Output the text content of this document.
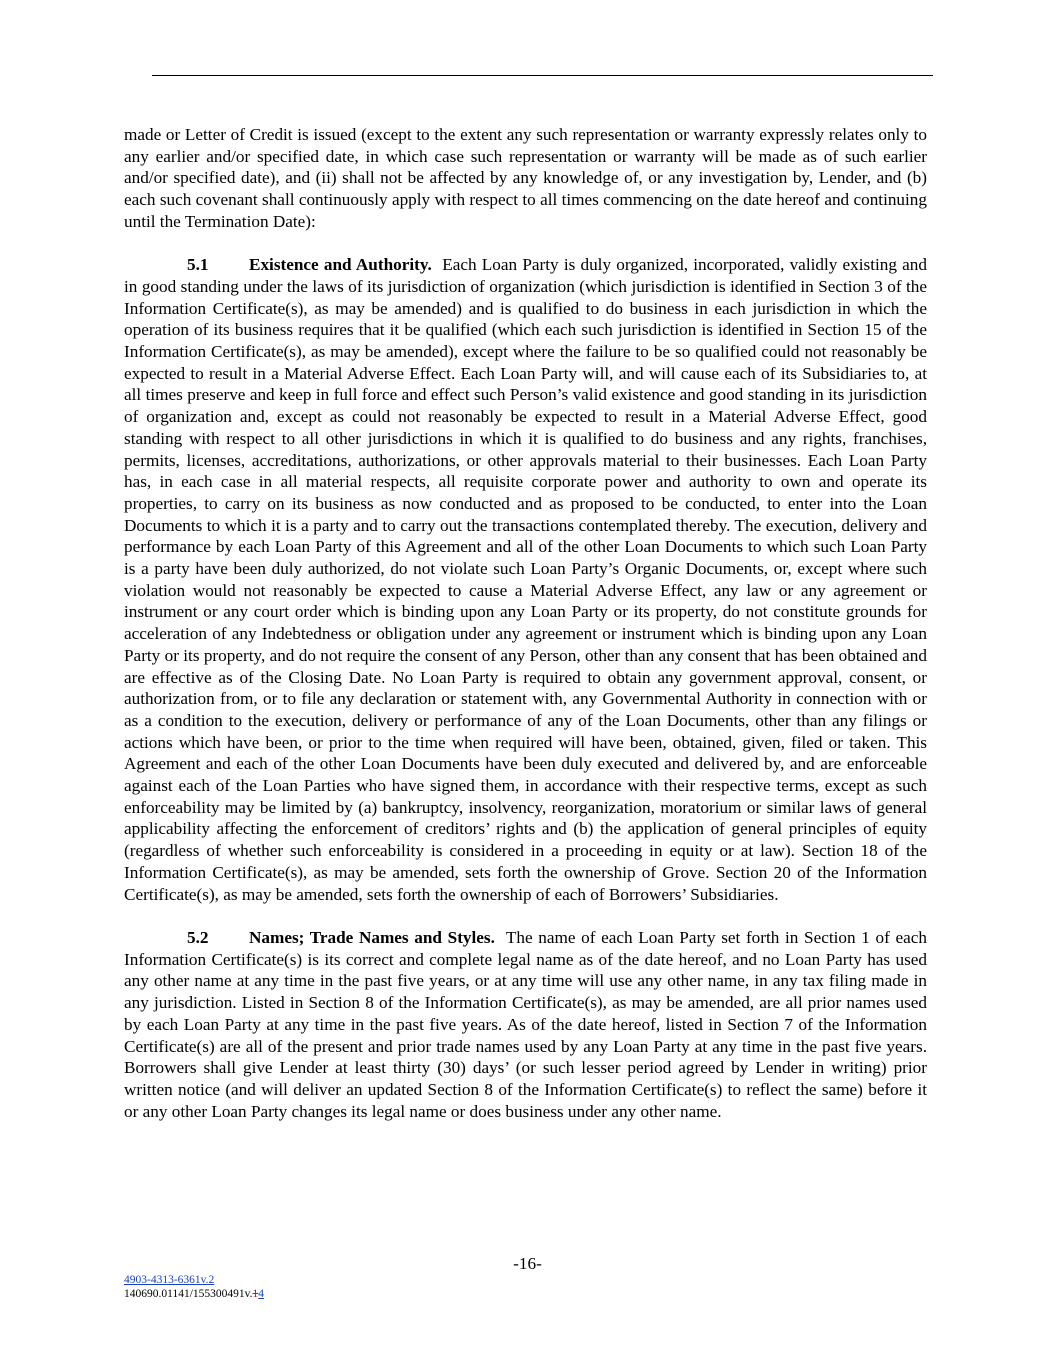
made or Letter of Credit is issued (except to the extent any such representation or warranty expressly relates only to any earlier and/or specified date, in which case such representation or warranty will be made as of such earlier and/or specified date), and (ii) shall not be affected by any knowledge of, or any investigation by, Lender, and (b) each such covenant shall continuously apply with respect to all times commencing on the date hereof and continuing until the Termination Date):

5.1 Existence and Authority. Each Loan Party is duly organized, incorporated, validly existing and in good standing under the laws of its jurisdiction of organization (which jurisdiction is identified in Section 3 of the Information Certificate(s), as may be amended) and is qualified to do business in each jurisdiction in which the operation of its business requires that it be qualified (which each such jurisdiction is identified in Section 15 of the Information Certificate(s), as may be amended), except where the failure to be so qualified could not reasonably be expected to result in a Material Adverse Effect. Each Loan Party will, and will cause each of its Subsidiaries to, at all times preserve and keep in full force and effect such Person’s valid existence and good standing in its jurisdiction of organization and, except as could not reasonably be expected to result in a Material Adverse Effect, good standing with respect to all other jurisdictions in which it is qualified to do business and any rights, franchises, permits, licenses, accreditations, authorizations, or other approvals material to their businesses. Each Loan Party has, in each case in all material respects, all requisite corporate power and authority to own and operate its properties, to carry on its business as now conducted and as proposed to be conducted, to enter into the Loan Documents to which it is a party and to carry out the transactions contemplated thereby. The execution, delivery and performance by each Loan Party of this Agreement and all of the other Loan Documents to which such Loan Party is a party have been duly authorized, do not violate such Loan Party’s Organic Documents, or, except where such violation would not reasonably be expected to cause a Material Adverse Effect, any law or any agreement or instrument or any court order which is binding upon any Loan Party or its property, do not constitute grounds for acceleration of any Indebtedness or obligation under any agreement or instrument which is binding upon any Loan Party or its property, and do not require the consent of any Person, other than any consent that has been obtained and are effective as of the Closing Date. No Loan Party is required to obtain any government approval, consent, or authorization from, or to file any declaration or statement with, any Governmental Authority in connection with or as a condition to the execution, delivery or performance of any of the Loan Documents, other than any filings or actions which have been, or prior to the time when required will have been, obtained, given, filed or taken. This Agreement and each of the other Loan Documents have been duly executed and delivered by, and are enforceable against each of the Loan Parties who have signed them, in accordance with their respective terms, except as such enforceability may be limited by (a) bankruptcy, insolvency, reorganization, moratorium or similar laws of general applicability affecting the enforcement of creditors’ rights and (b) the application of general principles of equity (regardless of whether such enforceability is considered in a proceeding in equity or at law). Section 18 of the Information Certificate(s), as may be amended, sets forth the ownership of Grove. Section 20 of the Information Certificate(s), as may be amended, sets forth the ownership of each of Borrowers’ Subsidiaries.

5.2 Names; Trade Names and Styles. The name of each Loan Party set forth in Section 1 of each Information Certificate(s) is its correct and complete legal name as of the date hereof, and no Loan Party has used any other name at any time in the past five years, or at any time will use any other name, in any tax filing made in any jurisdiction. Listed in Section 8 of the Information Certificate(s), as may be amended, are all prior names used by each Loan Party at any time in the past five years. As of the date hereof, listed in Section 7 of the Information Certificate(s) are all of the present and prior trade names used by any Loan Party at any time in the past five years. Borrowers shall give Lender at least thirty (30) days’ (or such lesser period agreed by Lender in writing) prior written notice (and will deliver an updated Section 8 of the Information Certificate(s) to reflect the same) before it or any other Loan Party changes its legal name or does business under any other name.

-16-
4903-4313-6361v.2
140690.01141/155300491v.14
